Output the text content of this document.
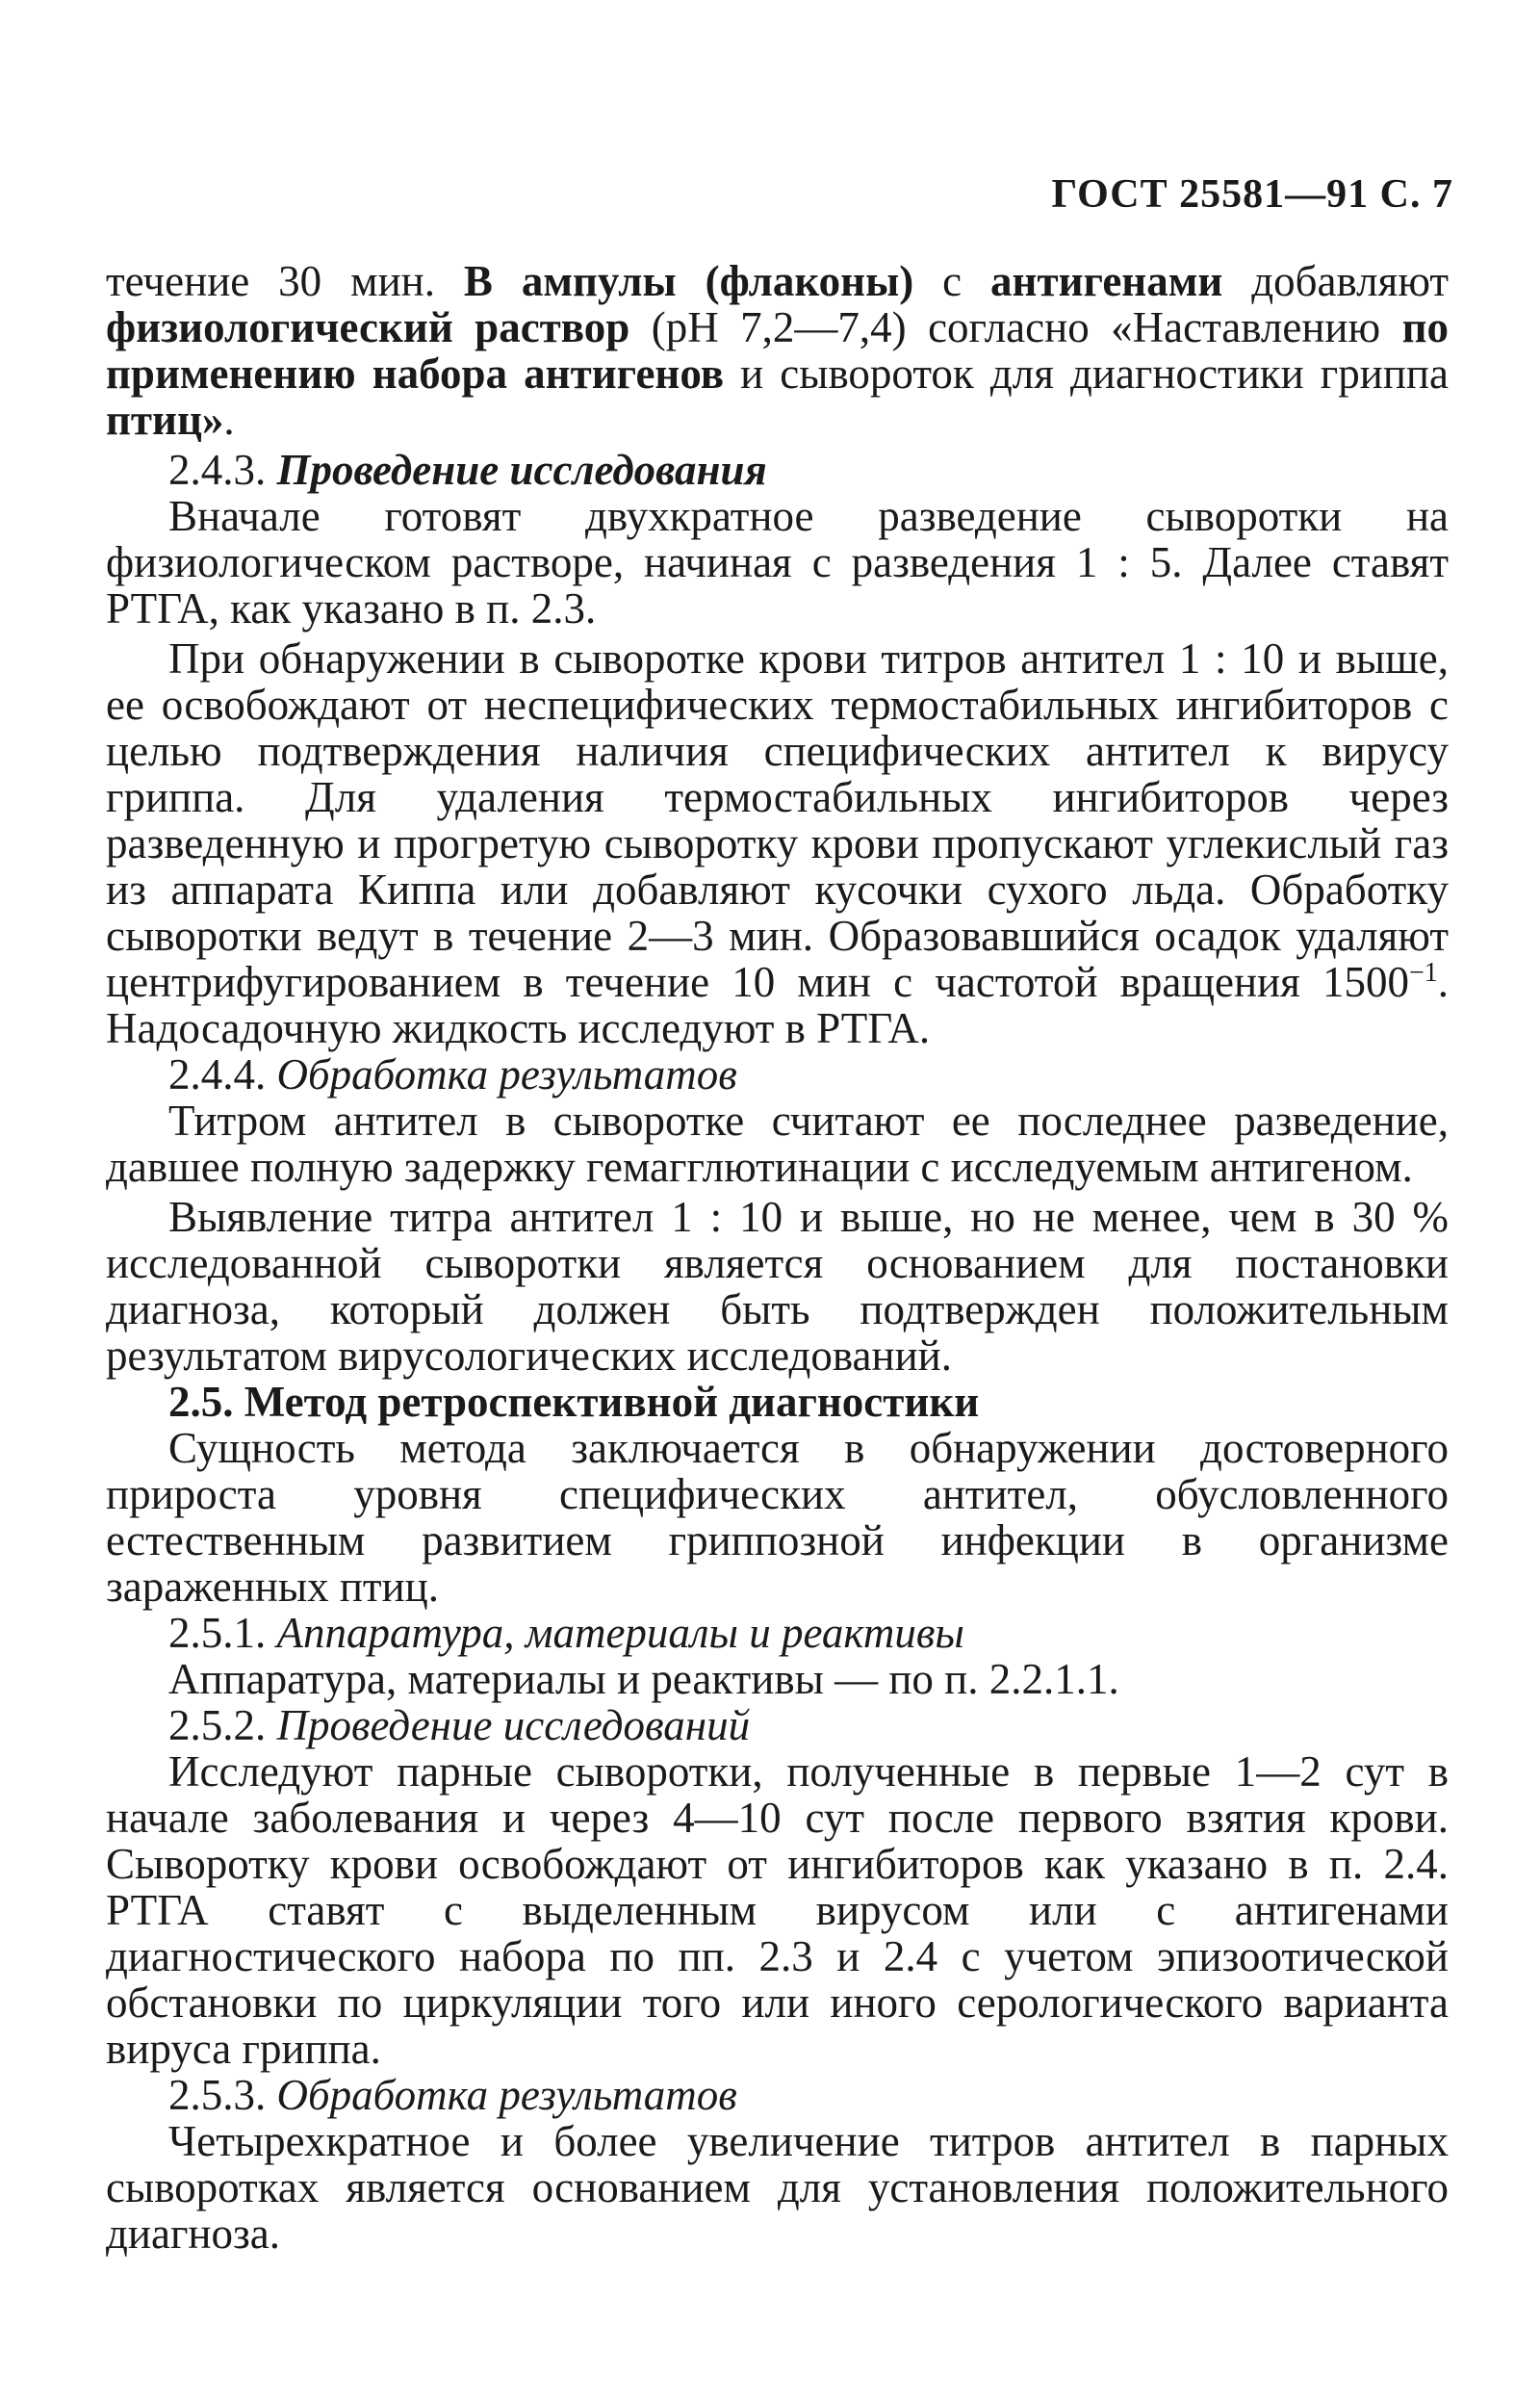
ГОСТ 25581—91 С. 7

течение 30 мин. В ампулы (флаконы) с антигенами добавляют физиологический раствор (рН 7,2—7,4) согласно «Наставлению по применению набора антигенов и сывороток для диагностики гриппа птиц».

2.4.3. Проведение исследования

Вначале готовят двухкратное разведение сыворотки на физиологическом растворе, начиная с разведения 1 : 5. Далее ставят РТГА, как указано в п. 2.3.

При обнаружении в сыворотке крови титров антител 1 : 10 и выше, ее освобождают от неспецифических термостабильных ингибиторов с целью подтверждения наличия специфических антител к вирусу гриппа. Для удаления термостабильных ингибиторов через разведенную и прогретую сыворотку крови пропускают углекислый газ из аппарата Киппа или добавляют кусочки сухого льда. Обработку сыворотки ведут в течение 2—3 мин. Образовавшийся осадок удаляют центрифугированием в течение 10 мин с частотой вращения $1500^{-1}$. Надосадочную жидкость исследуют в РТГА.

2.4.4. Обработка результатов

Титром антител в сыворотке считают ее последнее разведение, давшее полную задержку гемагглютинации с исследуемым антигеном.

Выявление титра антител 1 : 10 и выше, но не менее, чем в 30 % исследованной сыворотки является основанием для постановки диагноза, который должен быть подтвержден положительным результатом вирусологических исследований.

2.5. Метод ретроспективной диагностики

Сущность метода заключается в обнаружении достоверного прироста уровня специфических антител, обусловленного естественным развитием гриппозной инфекции в организме зараженных птиц.

2.5.1. Аппаратура, материалы и реактивы

Аппаратура, материалы и реактивы — по п. 2.2.1.1.

2.5.2. Проведение исследований

Исследуют парные сыворотки, полученные в первые 1—2 сут в начале заболевания и через 4—10 сут после первого взятия крови. Сыворотку крови освобождают от ингибиторов как указано в п. 2.4. РТГА ставят с выделенным вирусом или с антигенами диагностического набора по пп. 2.3 и 2.4 с учетом эпизоотической обстановки по циркуляции того или иного серологического варианта вируса гриппа.

2.5.3. Обработка результатов

Четырехкратное и более увеличение титров антител в парных сыворотках является основанием для установления положительного диагноза.
